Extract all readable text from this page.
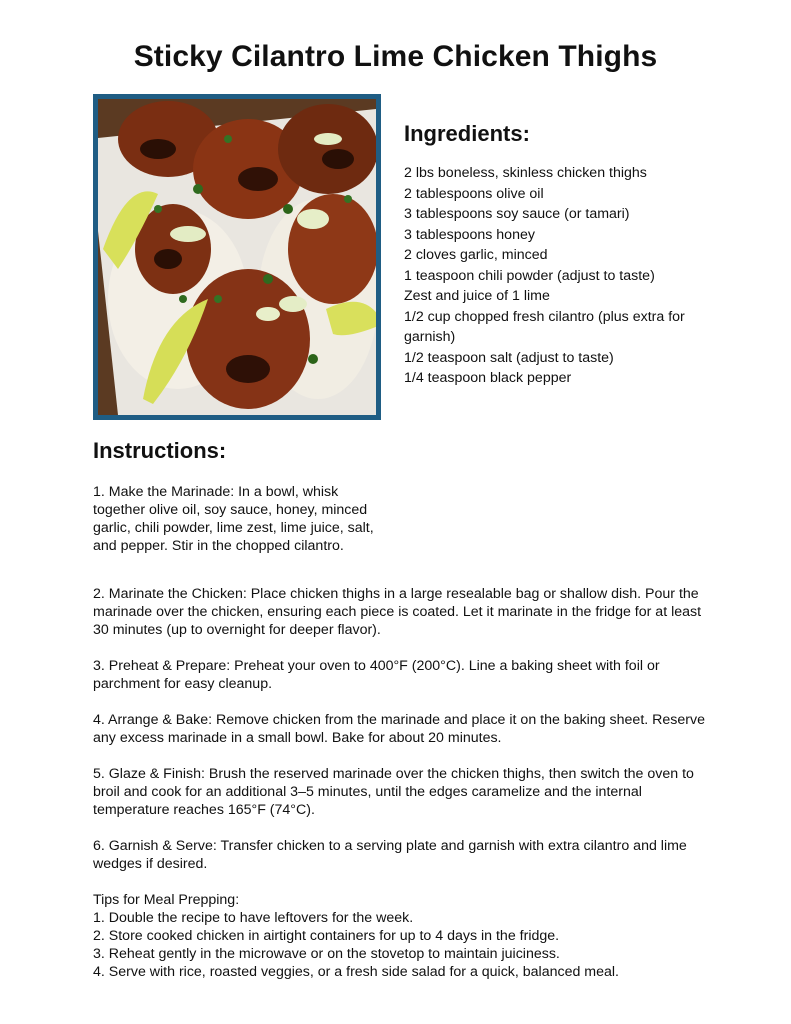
Sticky Cilantro Lime Chicken Thighs
Ingredients:
2 lbs boneless, skinless chicken thighs
2 tablespoons olive oil
3 tablespoons soy sauce (or tamari)
3 tablespoons honey
2 cloves garlic, minced
1 teaspoon chili powder (adjust to taste)
Zest and juice of 1 lime
1/2 cup chopped fresh cilantro (plus extra for garnish)
1/2 teaspoon salt (adjust to taste)
1/4 teaspoon black pepper
Instructions:

1. Make the Marinade: In a bowl, whisk together olive oil, soy sauce, honey, minced garlic, chili powder, lime zest, lime juice, salt, and pepper. Stir in the chopped cilantro.

2. Marinate the Chicken: Place chicken thighs in a large resealable bag or shallow dish. Pour the marinade over the chicken, ensuring each piece is coated. Let it marinate in the fridge for at least 30 minutes (up to overnight for deeper flavor).

3. Preheat & Prepare: Preheat your oven to 400°F (200°C). Line a baking sheet with foil or parchment for easy cleanup.

4. Arrange & Bake: Remove chicken from the marinade and place it on the baking sheet. Reserve any excess marinade in a small bowl. Bake for about 20 minutes.

5. Glaze & Finish: Brush the reserved marinade over the chicken thighs, then switch the oven to broil and cook for an additional 3–5 minutes, until the edges caramelize and the internal temperature reaches 165°F (74°C).

6. Garnish & Serve: Transfer chicken to a serving plate and garnish with extra cilantro and lime wedges if desired.

Tips for Meal Prepping:
1. Double the recipe to have leftovers for the week.
2. Store cooked chicken in airtight containers for up to 4 days in the fridge.
3. Reheat gently in the microwave or on the stovetop to maintain juiciness.
4. Serve with rice, roasted veggies, or a fresh side salad for a quick, balanced meal.
